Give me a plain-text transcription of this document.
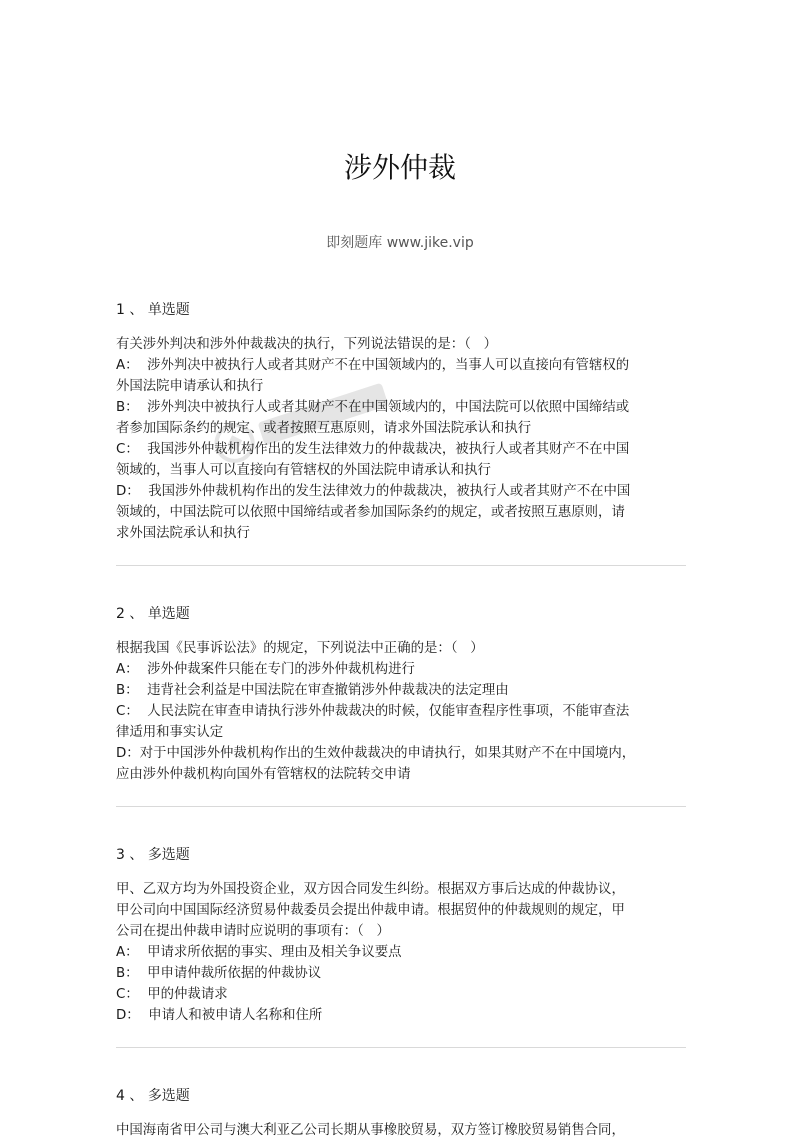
涉外仲裁
即刻题库 www.jike.vip
1 、 单选题
有关涉外判决和涉外仲裁裁决的执行，下列说法错误的是：（   ）
A：  涉外判决中被执行人或者其财产不在中国领域内的，当事人可以直接向有管辖权的
外国法院申请承认和执行
B：  涉外判决中被执行人或者其财产不在中国领域内的，中国法院可以依照中国缔结或
者参加国际条约的规定、或者按照互惠原则，请求外国法院承认和执行
C：  我国涉外仲裁机构作出的发生法律效力的仲裁裁决，被执行人或者其财产不在中国
领域的，当事人可以直接向有管辖权的外国法院申请承认和执行
D：  我国涉外仲裁机构作出的发生法律效力的仲裁裁决，被执行人或者其财产不在中国
领域的，中国法院可以依照中国缔结或者参加国际条约的规定，或者按照互惠原则，请
求外国法院承认和执行
2 、 单选题
根据我国《民事诉讼法》的规定，下列说法中正确的是：（   ）
A：  涉外仲裁案件只能在专门的涉外仲裁机构进行
B：  违背社会利益是中国法院在审查撤销涉外仲裁裁决的法定理由
C：  人民法院在审查申请执行涉外仲裁裁决的时候，仅能审查程序性事项，不能审查法
律适用和事实认定
D：对于中国涉外仲裁机构作出的生效仲裁裁决的申请执行，如果其财产不在中国境内，
应由涉外仲裁机构向国外有管辖权的法院转交申请
3 、 多选题
甲、乙双方均为外国投资企业，双方因合同发生纠纷。根据双方事后达成的仲裁协议，
甲公司向中国国际经济贸易仲裁委员会提出仲裁申请。根据贸仲的仲裁规则的规定，甲
公司在提出仲裁申请时应说明的事项有：（   ）
A：  甲请求所依据的事实、理由及相关争议要点
B：  甲申请仲裁所依据的仲裁协议
C：  甲的仲裁请求
D：  申请人和被申请人名称和住所
4 、 多选题
中国海南省甲公司与澳大利亚乙公司长期从事橡胶贸易，双方签订橡胶贸易销售合同，
